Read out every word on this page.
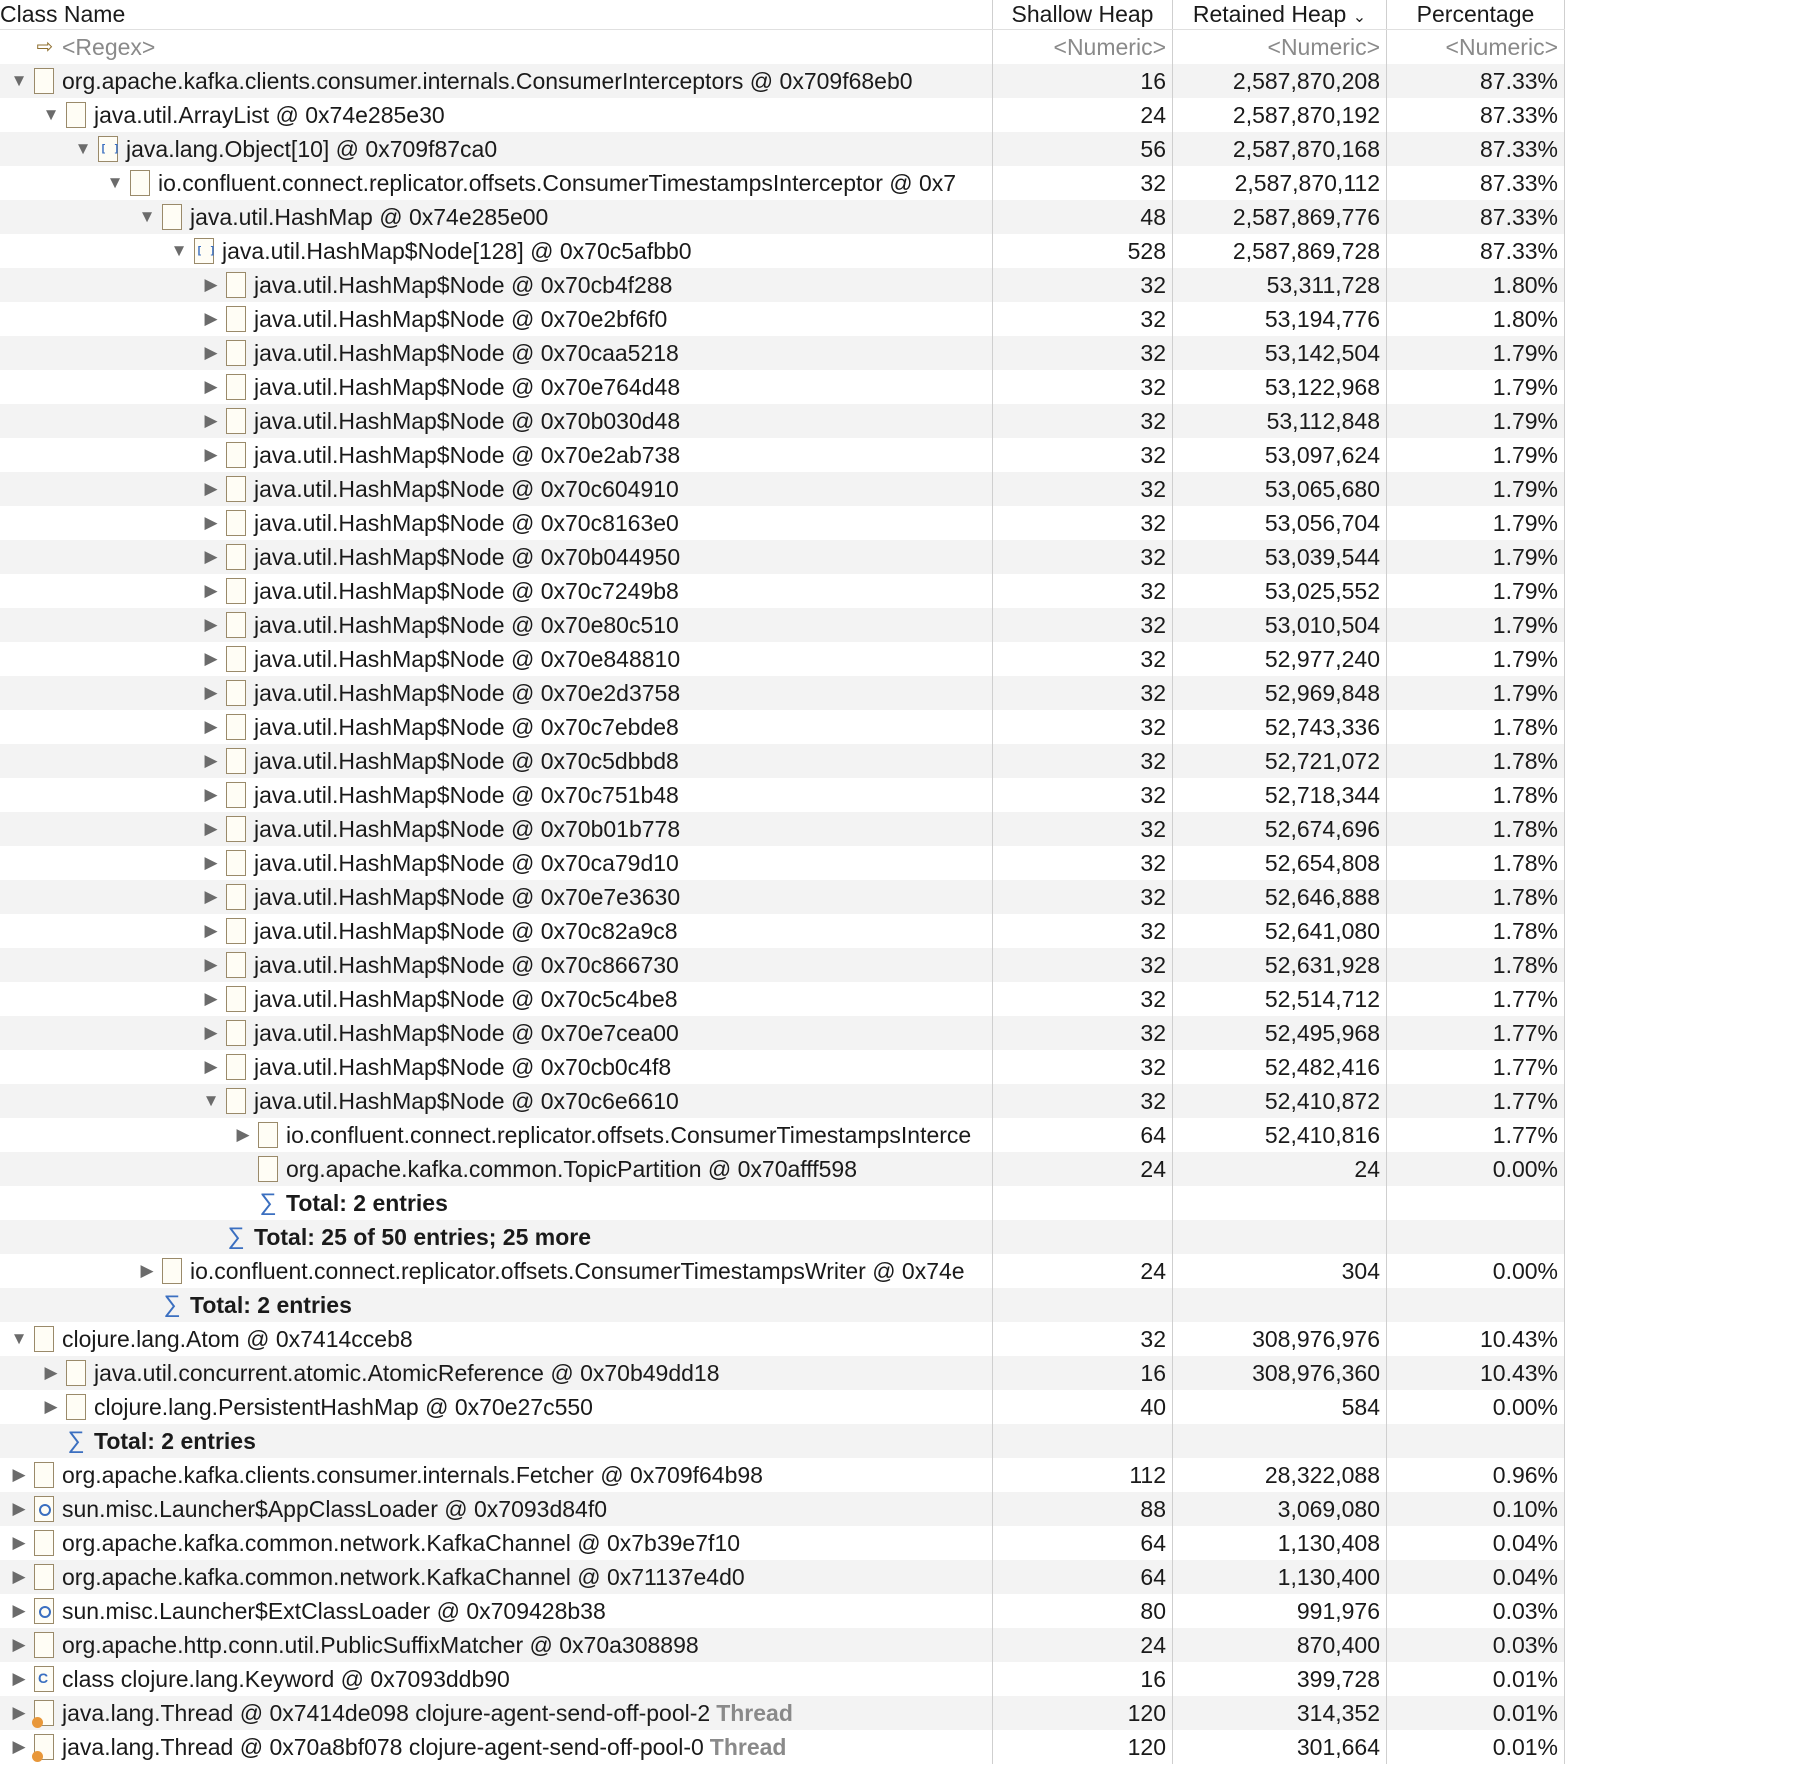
Class Name	Shallow Heap	Retained Heap ⌄	Percentage
⇨ <Regex>	<Numeric>	<Numeric>	<Numeric>
▼ org.apache.kafka.clients.consumer.internals.ConsumerInterceptors @ 0x709f68eb0	16	2,587,870,208	87.33%
▼ java.util.ArrayList @ 0x74e285e30	24	2,587,870,192	87.33%
▼ [ ] java.lang.Object[10] @ 0x709f87ca0	56	2,587,870,168	87.33%
▼ io.confluent.connect.replicator.offsets.ConsumerTimestampsInterceptor @ 0x7	32	2,587,870,112	87.33%
▼ java.util.HashMap @ 0x74e285e00	48	2,587,869,776	87.33%
▼ [ ] java.util.HashMap$Node[128] @ 0x70c5afbb0	528	2,587,869,728	87.33%
▶ java.util.HashMap$Node @ 0x70cb4f288	32	53,311,728	1.80%
▶ java.util.HashMap$Node @ 0x70e2bf6f0	32	53,194,776	1.80%
▶ java.util.HashMap$Node @ 0x70caa5218	32	53,142,504	1.79%
▶ java.util.HashMap$Node @ 0x70e764d48	32	53,122,968	1.79%
▶ java.util.HashMap$Node @ 0x70b030d48	32	53,112,848	1.79%
▶ java.util.HashMap$Node @ 0x70e2ab738	32	53,097,624	1.79%
▶ java.util.HashMap$Node @ 0x70c604910	32	53,065,680	1.79%
▶ java.util.HashMap$Node @ 0x70c8163e0	32	53,056,704	1.79%
▶ java.util.HashMap$Node @ 0x70b044950	32	53,039,544	1.79%
▶ java.util.HashMap$Node @ 0x70c7249b8	32	53,025,552	1.79%
▶ java.util.HashMap$Node @ 0x70e80c510	32	53,010,504	1.79%
▶ java.util.HashMap$Node @ 0x70e848810	32	52,977,240	1.79%
▶ java.util.HashMap$Node @ 0x70e2d3758	32	52,969,848	1.79%
▶ java.util.HashMap$Node @ 0x70c7ebde8	32	52,743,336	1.78%
▶ java.util.HashMap$Node @ 0x70c5dbbd8	32	52,721,072	1.78%
▶ java.util.HashMap$Node @ 0x70c751b48	32	52,718,344	1.78%
▶ java.util.HashMap$Node @ 0x70b01b778	32	52,674,696	1.78%
▶ java.util.HashMap$Node @ 0x70ca79d10	32	52,654,808	1.78%
▶ java.util.HashMap$Node @ 0x70e7e3630	32	52,646,888	1.78%
▶ java.util.HashMap$Node @ 0x70c82a9c8	32	52,641,080	1.78%
▶ java.util.HashMap$Node @ 0x70c866730	32	52,631,928	1.78%
▶ java.util.HashMap$Node @ 0x70c5c4be8	32	52,514,712	1.77%
▶ java.util.HashMap$Node @ 0x70e7cea00	32	52,495,968	1.77%
▶ java.util.HashMap$Node @ 0x70cb0c4f8	32	52,482,416	1.77%
▼ java.util.HashMap$Node @ 0x70c6e6610	32	52,410,872	1.77%
▶ io.confluent.connect.replicator.offsets.ConsumerTimestampsInterce	64	52,410,816	1.77%
org.apache.kafka.common.TopicPartition @ 0x70afff598	24	24	0.00%
∑ Total: 2 entries
∑ Total: 25 of 50 entries; 25 more
▶ io.confluent.connect.replicator.offsets.ConsumerTimestampsWriter @ 0x74e	24	304	0.00%
∑ Total: 2 entries
▼ clojure.lang.Atom @ 0x7414cceb8	32	308,976,976	10.43%
▶ java.util.concurrent.atomic.AtomicReference @ 0x70b49dd18	16	308,976,360	10.43%
▶ clojure.lang.PersistentHashMap @ 0x70e27c550	40	584	0.00%
∑ Total: 2 entries
▶ org.apache.kafka.clients.consumer.internals.Fetcher @ 0x709f64b98	112	28,322,088	0.96%
▶ sun.misc.Launcher$AppClassLoader @ 0x7093d84f0	88	3,069,080	0.10%
▶ org.apache.kafka.common.network.KafkaChannel @ 0x7b39e7f10	64	1,130,408	0.04%
▶ org.apache.kafka.common.network.KafkaChannel @ 0x71137e4d0	64	1,130,400	0.04%
▶ sun.misc.Launcher$ExtClassLoader @ 0x709428b38	80	991,976	0.03%
▶ org.apache.http.conn.util.PublicSuffixMatcher @ 0x70a308898	24	870,400	0.03%
▶ C class clojure.lang.Keyword @ 0x7093ddb90	16	399,728	0.01%
▶ java.lang.Thread @ 0x7414de098 clojure-agent-send-off-pool-2 Thread	120	314,352	0.01%
▶ java.lang.Thread @ 0x70a8bf078 clojure-agent-send-off-pool-0 Thread	120	301,664	0.01%
